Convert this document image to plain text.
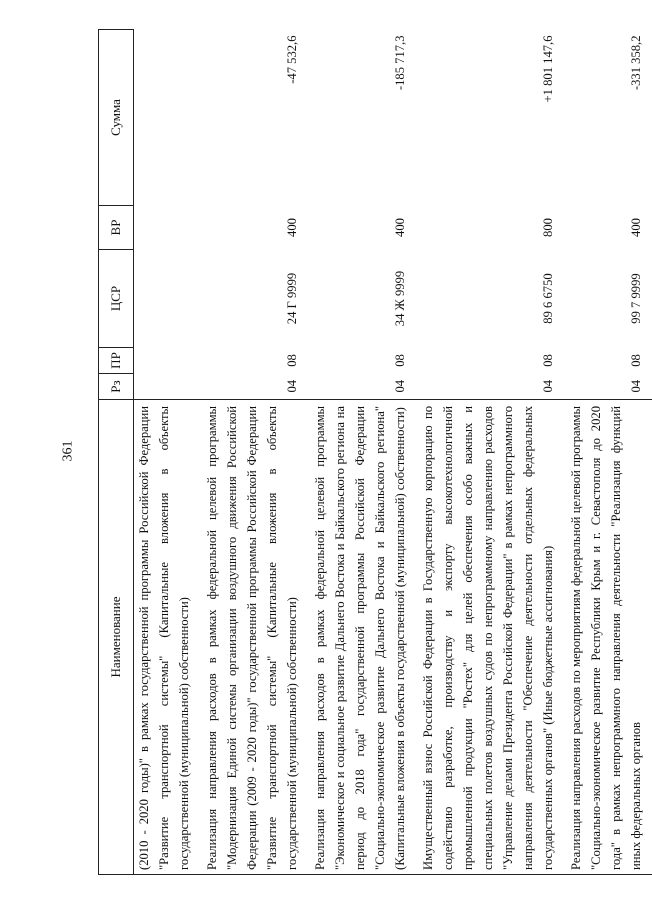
361
Наименование	Рз	ПР	ЦСР	ВР	Сумма
(2010 - 2020 годы)" в рамках государственной программы Российской Федерации "Развитие транспортной системы" (Капитальные вложения в объекты государственной (муниципальной) собственности)					
Реализация направления расходов в рамках федеральной целевой программы "Модернизация Единой системы организации воздушного движения Российской Федерации (2009 - 2020 годы)" государственной программы Российской Федерации "Развитие транспортной системы" (Капитальные вложения в объекты государственной (муниципальной) собственности)	04	08	24 Г 9999	400	-47 532,6
Реализация направления расходов в рамках федеральной целевой программы "Экономическое и социальное развитие Дальнего Востока и Байкальского региона на период до 2018 года" государственной программы Российской Федерации "Социально-экономическое развитие Дальнего Востока и Байкальского региона" (Капитальные вложения в объекты государственной (муниципальной) собственности)	04	08	34 Ж 9999	400	-185 717,3
Имущественный взнос Российской Федерации в Государственную корпорацию по содействию разработке, производству и экспорту высокотехнологичной промышленной продукции "Ростех" для целей обеспечения особо важных и специальных полетов воздушных судов по непрограммному направлению расходов "Управление делами Президента Российской Федерации" в рамках непрограммного направления деятельности "Обеспечение деятельности отдельных федеральных государственных органов" (Иные бюджетные ассигнования)	04	08	89 6 6750	800	+1 801 147,6
Реализация направления расходов по мероприятиям федеральной целевой программы "Социально-экономическое развитие Республики Крым и г. Севастополя до 2020 года" в рамках непрограммного направления деятельности "Реализация функций иных федеральных органов	04	08	99 7 9999	400	-331 358,2
